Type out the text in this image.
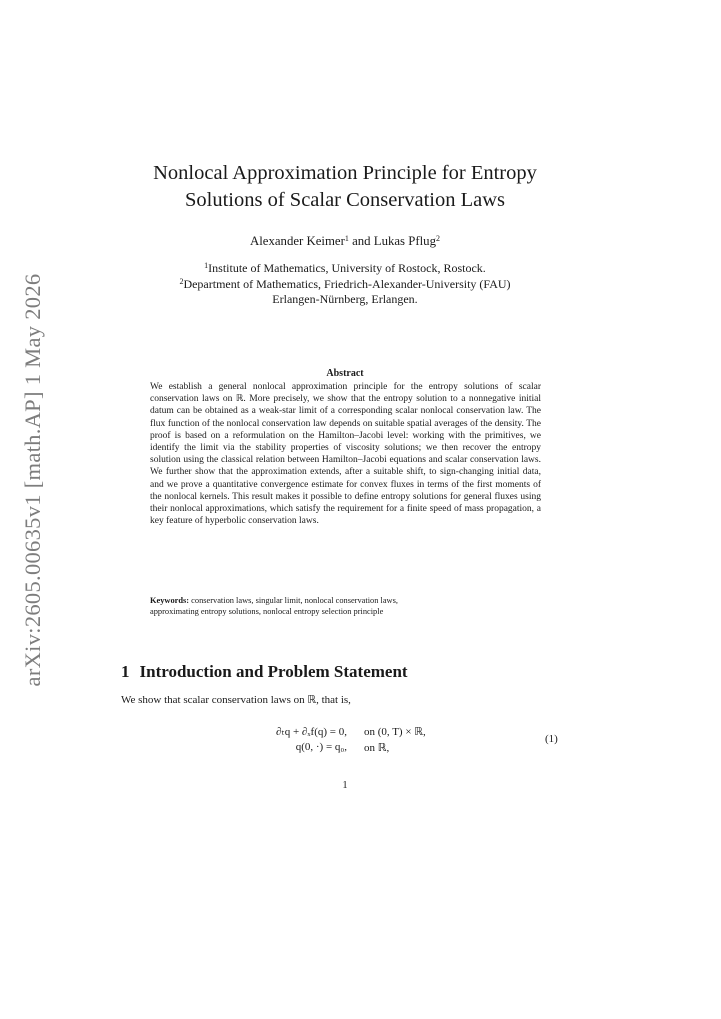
arXiv:2605.00635v1 [math.AP] 1 May 2026
Nonlocal Approximation Principle for Entropy
Solutions of Scalar Conservation Laws
Alexander Keimer$^1$ and Lukas Pflug$^2$
$^1$Institute of Mathematics, University of Rostock, Rostock.
$^2$Department of Mathematics, Friedrich-Alexander-University (FAU)
Erlangen-Nürnberg, Erlangen.
Abstract

We establish a general nonlocal approximation principle for the entropy solutions of scalar conservation laws on ℝ. More precisely, we show that the entropy solution to a nonnegative initial datum can be obtained as a weak-star limit of a corresponding scalar nonlocal conservation law. The flux function of the nonlocal conservation law depends on suitable spatial averages of the density. The proof is based on a reformulation on the Hamilton–Jacobi level: working with the primitives, we identify the limit via the stability properties of viscosity solutions; we then recover the entropy solution using the classical relation between Hamilton–Jacobi equations and scalar conservation laws. We further show that the approximation extends, after a suitable shift, to sign-changing initial data, and we prove a quantitative convergence estimate for convex fluxes in terms of the first moments of the nonlocal kernels. This result makes it possible to define entropy solutions for general fluxes using their nonlocal approximations, which satisfy the requirement for a finite speed of mass propagation, a key feature of hyperbolic conservation laws.

Keywords: conservation laws, singular limit, nonlocal conservation laws,
approximating entropy solutions, nonlocal entropy selection principle
1 Introduction and Problem Statement
We show that scalar conservation laws on ℝ, that is,
∂ₜq + ∂ₓf(q) = 0, on (0, T) × ℝ,
q(0, ·) = q₀, on ℝ,
(1)
1
